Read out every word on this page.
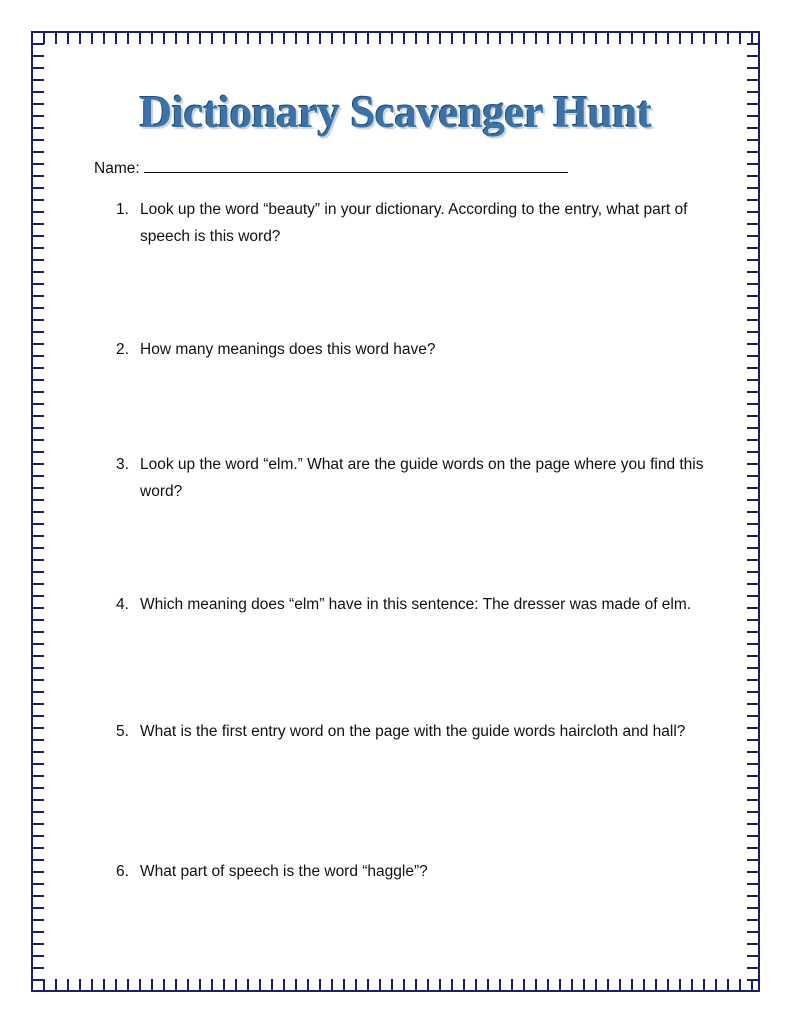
Dictionary Scavenger Hunt
Name:
1. Look up the word “beauty” in your dictionary. According to the entry, what part of speech is this word?
2. How many meanings does this word have?
3. Look up the word “elm.” What are the guide words on the page where you find this word?
4. Which meaning does “elm” have in this sentence: The dresser was made of elm.
5. What is the first entry word on the page with the guide words haircloth and hall?
6. What part of speech is the word “haggle”?
